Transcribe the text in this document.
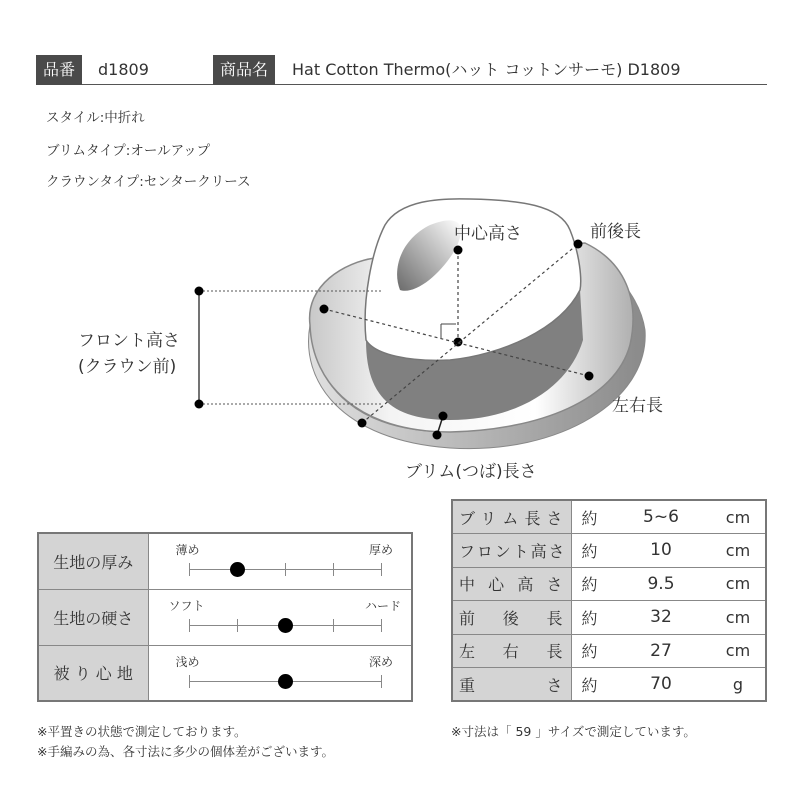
品番	d1809	商品名	Hat Cotton Thermo(ハット コットンサーモ) D1809
スタイル:中折れ
ブリムタイプ:オールアップ
クラウンタイプ:センタークリース
フロント高さ
(クラウン前)
中心高さ	前後長
左右長
ブリム(つば)長さ
生地の厚み	薄め 厚め

生地の硬さ	ソフト ハード

被 り 心 地	浅め 深め
ブリム長さ	約	5~6	cm
フロント高さ	約	10	cm
中心高さ	約	9.5	cm
前後長	約	32	cm
左右長	約	27	cm
重さ	約	70	g
※平置きの状態で測定しております。
※手編みの為、各寸法に多少の個体差がございます。
※寸法は「 59 」サイズで測定しています。
